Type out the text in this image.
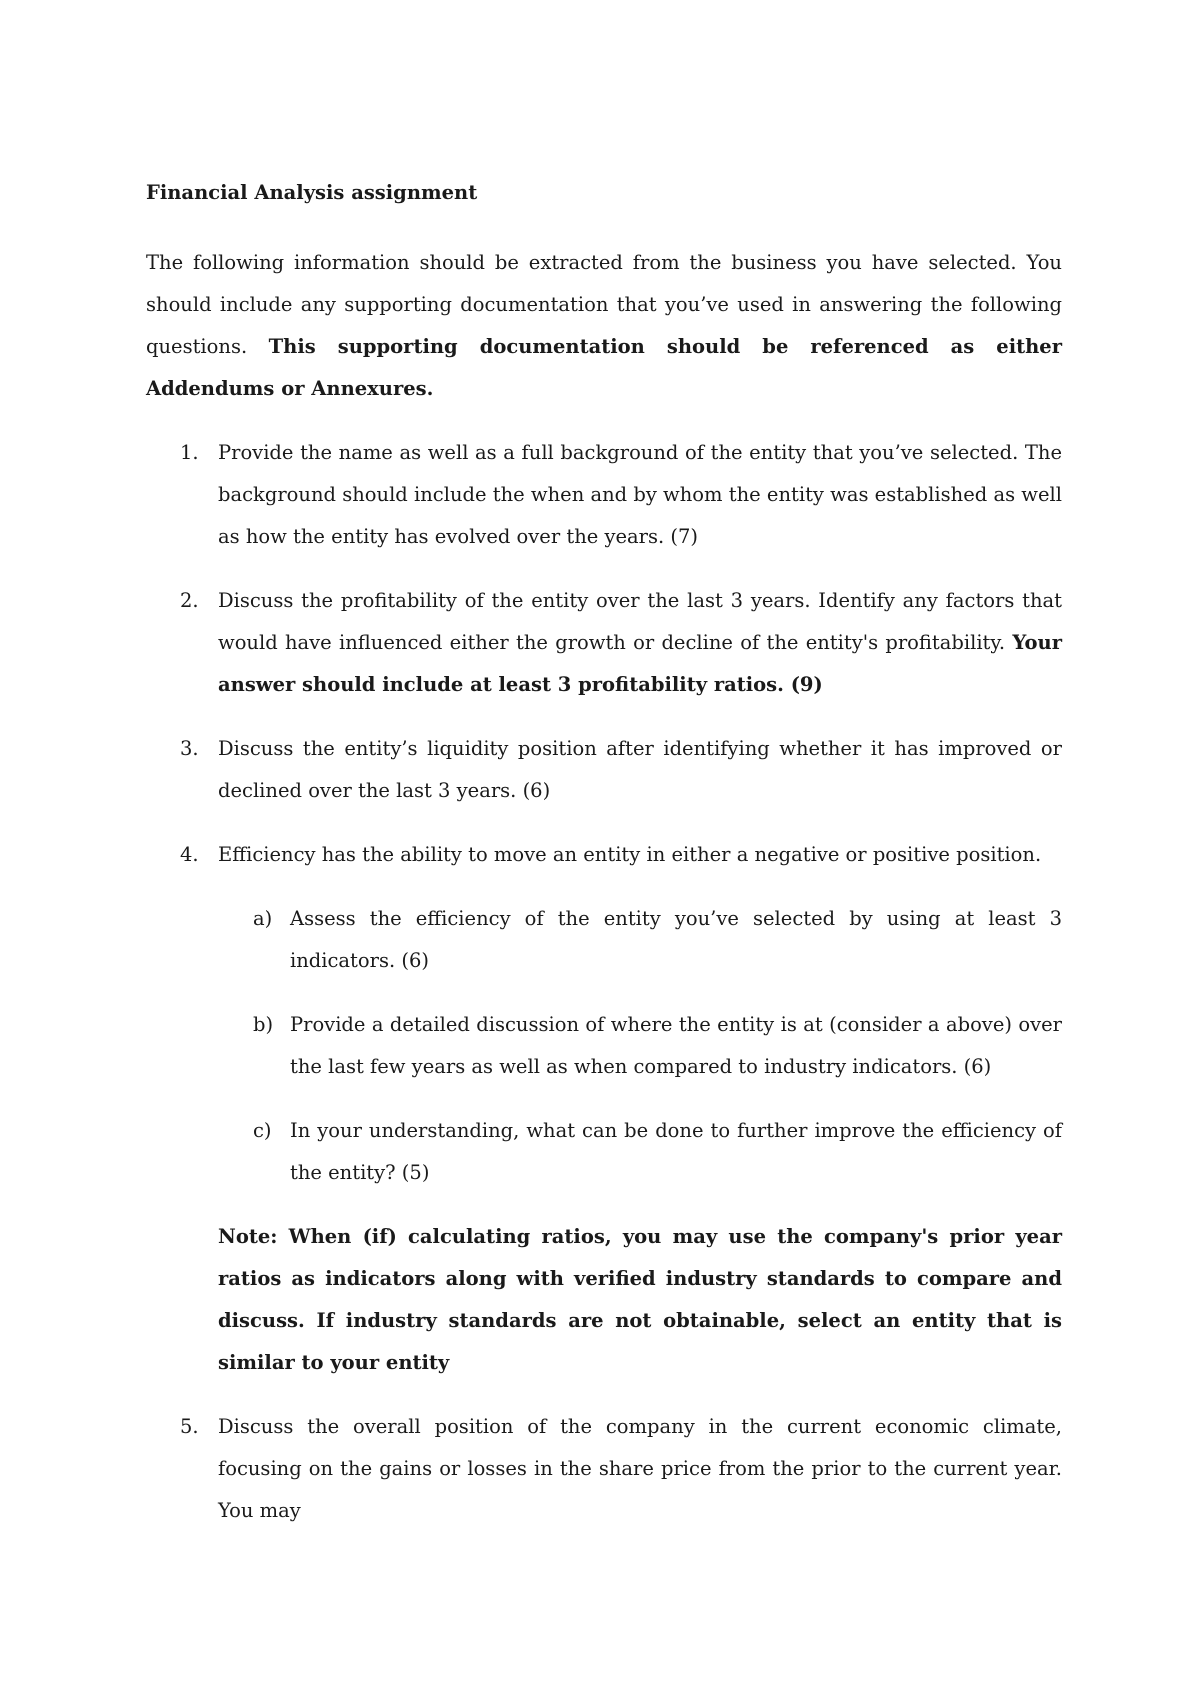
Financial Analysis assignment
The following information should be extracted from the business you have selected. You should include any supporting documentation that you’ve used in answering the following questions. This supporting documentation should be referenced as either Addendums or Annexures.
1. Provide the name as well as a full background of the entity that you’ve selected. The background should include the when and by whom the entity was established as well as how the entity has evolved over the years. (7)
2. Discuss the profitability of the entity over the last 3 years. Identify any factors that would have influenced either the growth or decline of the entity's profitability. Your answer should include at least 3 profitability ratios. (9)
3. Discuss the entity’s liquidity position after identifying whether it has improved or declined over the last 3 years. (6)
4. Efficiency has the ability to move an entity in either a negative or positive position.
a) Assess the efficiency of the entity you’ve selected by using at least 3 indicators. (6)
b) Provide a detailed discussion of where the entity is at (consider a above) over the last few years as well as when compared to industry indicators. (6)
c) In your understanding, what can be done to further improve the efficiency of the entity? (5)
Note: When (if) calculating ratios, you may use the company's prior year ratios as indicators along with verified industry standards to compare and discuss. If industry standards are not obtainable, select an entity that is similar to your entity
5. Discuss the overall position of the company in the current economic climate, focusing on the gains or losses in the share price from the prior to the current year. You may
